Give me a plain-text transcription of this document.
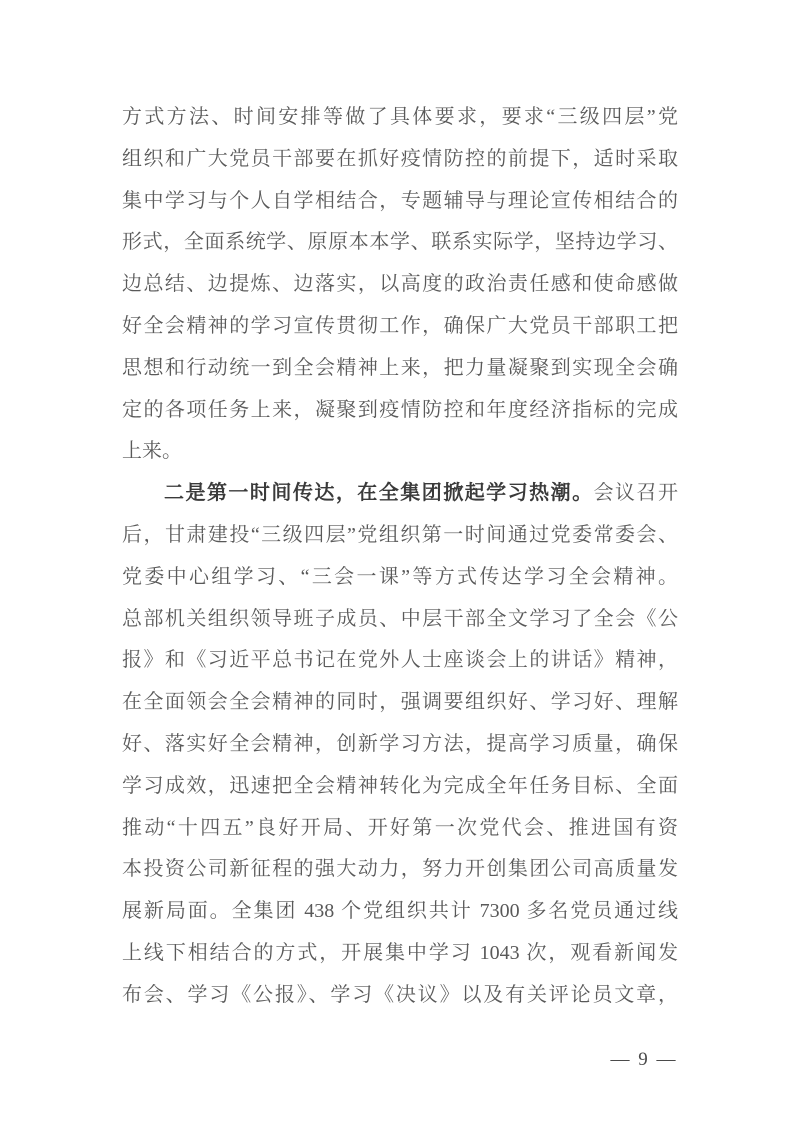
方式方法、时间安排等做了具体要求，要求“三级四层”党
组织和广大党员干部要在抓好疫情防控的前提下，适时采取
集中学习与个人自学相结合，专题辅导与理论宣传相结合的
形式，全面系统学、原原本本学、联系实际学，坚持边学习、
边总结、边提炼、边落实，以高度的政治责任感和使命感做
好全会精神的学习宣传贯彻工作，确保广大党员干部职工把
思想和行动统一到全会精神上来，把力量凝聚到实现全会确
定的各项任务上来，凝聚到疫情防控和年度经济指标的完成
上来。
二是第一时间传达，在全集团掀起学习热潮。会议召开
后，甘肃建投“三级四层”党组织第一时间通过党委常委会、
党委中心组学习、“三会一课”等方式传达学习全会精神。
总部机关组织领导班子成员、中层干部全文学习了全会《公
报》和《习近平总书记在党外人士座谈会上的讲话》精神，
在全面领会全会精神的同时，强调要组织好、学习好、理解
好、落实好全会精神，创新学习方法，提高学习质量，确保
学习成效，迅速把全会精神转化为完成全年任务目标、全面
推动“十四五”良好开局、开好第一次党代会、推进国有资
本投资公司新征程的强大动力，努力开创集团公司高质量发
展新局面。全集团 438 个党组织共计 7300 多名党员通过线
上线下相结合的方式，开展集中学习 1043 次，观看新闻发
布会、学习《公报》、学习《决议》以及有关评论员文章，
— 9 —
